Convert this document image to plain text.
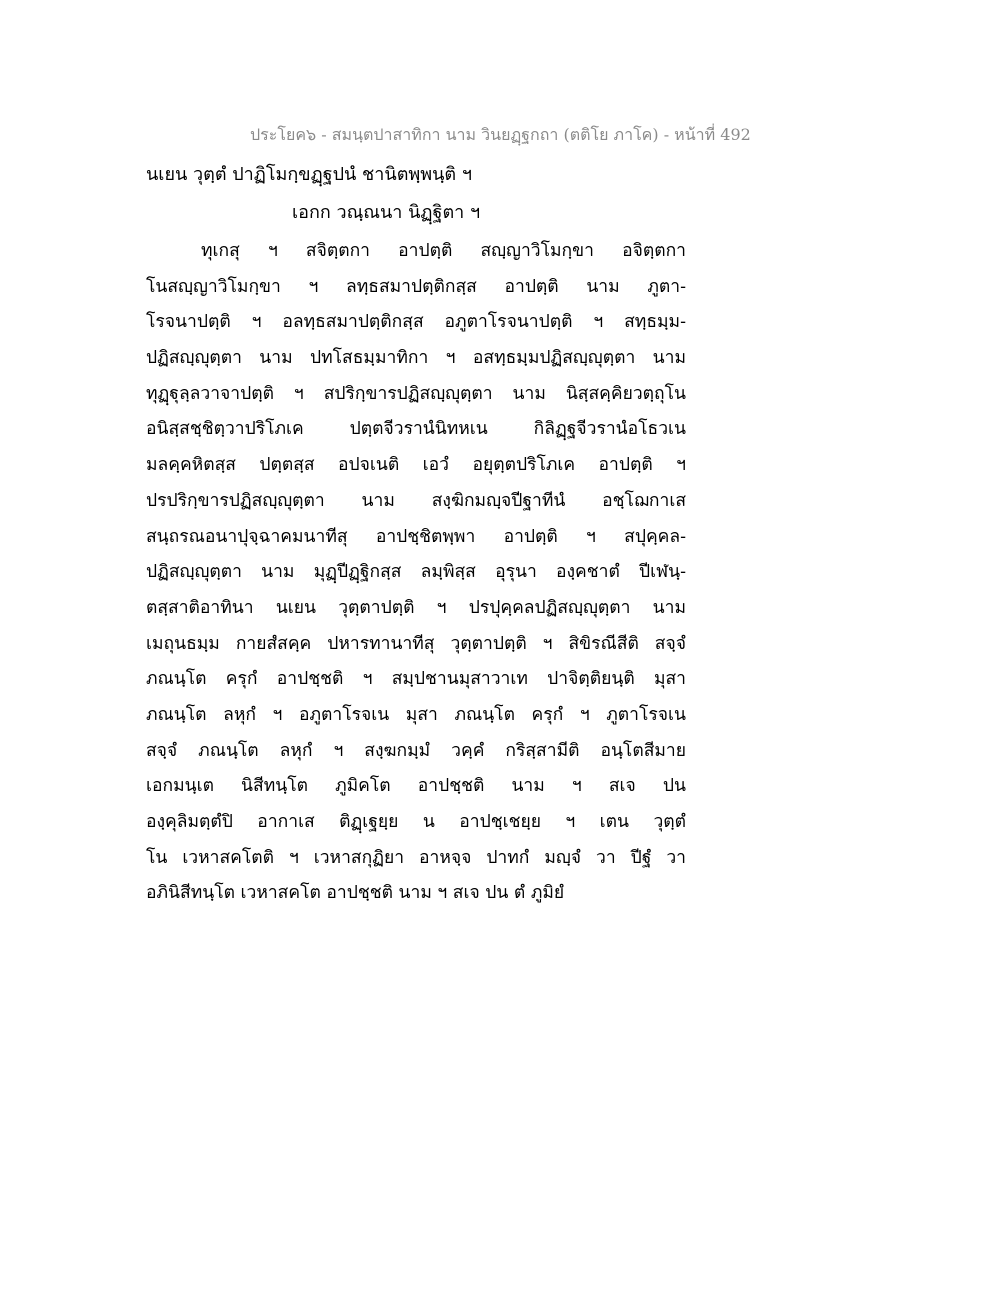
ประโยค๖ - สมนฺตปาสาทิกา นาม วินยฏฺฐกถา (ตติโย ภาโค) - หน้าที่ 492
นเยน วุตฺตํ ปาฏิโมกฺขฏฺฐปนํ ชานิตพฺพนฺติ ฯ
เอกก วณฺณนา นิฏฺฐิตา ฯ
ทุเกสุ ฯ สจิตฺตกา อาปตฺติ สญฺญาวิโมกฺขา อจิตฺตกา
โนสญฺญาวิโมกฺขา ฯ ลทฺธสมาปตฺติกสฺส อาปตฺติ นาม ภูตา-
โรจนาปตฺติ ฯ อลทฺธสมาปตฺติกสฺส อภูตาโรจนาปตฺติ ฯ สทฺธมฺม-
ปฏิสญฺญุตฺตา นาม ปทโสธมฺมาทิกา ฯ อสทฺธมฺมปฏิสญฺญุตฺตา นาม
ทุฏฺฐุลฺลวาจาปตฺติ ฯ สปริกฺขารปฏิสญฺญุตฺตา นาม นิสฺสคฺคิยวตฺถุโน
อนิสฺสชฺชิตฺวาปริโภเค ปตฺตจีวรานํนิทหเน กิลิฏฺฐจีวรานํอโธวเน
มลคฺคหิตสฺส ปตฺตสฺส อปจเนติ เอวํ อยุตฺตปริโภเค อาปตฺติ ฯ
ปรปริกฺขารปฏิสญฺญุตฺตา นาม สงฺฆิกมญฺจปีฐาทีนํ อชฺโฌกาเส
สนฺถรณอนาปุจฺฉาคมนาทีสุ อาปชฺชิตพฺพา อาปตฺติ ฯ สปุคฺคล-
ปฏิสญฺญุตฺตา นาม มุฏฺปีฏฺฐิกสฺส ลมฺพิสฺส อุรุนา องฺคชาตํ ปีเฬนฺ-
ตสฺสาติอาทินา นเยน วุตฺตาปตฺติ ฯ ปรปุคฺคลปฏิสญฺญุตฺตา นาม
เมถุนธมฺม กายสํสคฺค ปหารทานาทีสุ วุตฺตาปตฺติ ฯ สิขิรณีสีติ สจฺจํ
ภณนฺโต ครุกํ อาปชฺชติ ฯ สมฺปชานมุสาวาเท ปาจิตฺติยนฺติ มุสา
ภณนฺโต ลหุกํ ฯ อภูตาโรจเน มุสา ภณนฺโต ครุกํ ฯ ภูตาโรจเน
สจฺจํ ภณนฺโต ลหุกํ ฯ สงฺฆกมฺมํ วคฺคํ กริสฺสามีติ อนฺโตสีมาย
เอกมนฺเต นิสีทนฺโต ภูมิคโต อาปชฺชติ นาม ฯ สเจ ปน
องฺคุลิมตฺตํปิ อากาเส ติฏฺเฐยฺย น อาปชฺเชยฺย ฯ เตน วุตฺตํ
โน เวหาสคโตติ ฯ เวหาสกุฏิยา อาหจฺจ ปาทกํ มญฺจํ วา ปีฐํ วา
อภินิสีทนฺโต เวหาสคโต อาปชฺชติ นาม ฯ สเจ ปน ตํ ภูมิยํ
